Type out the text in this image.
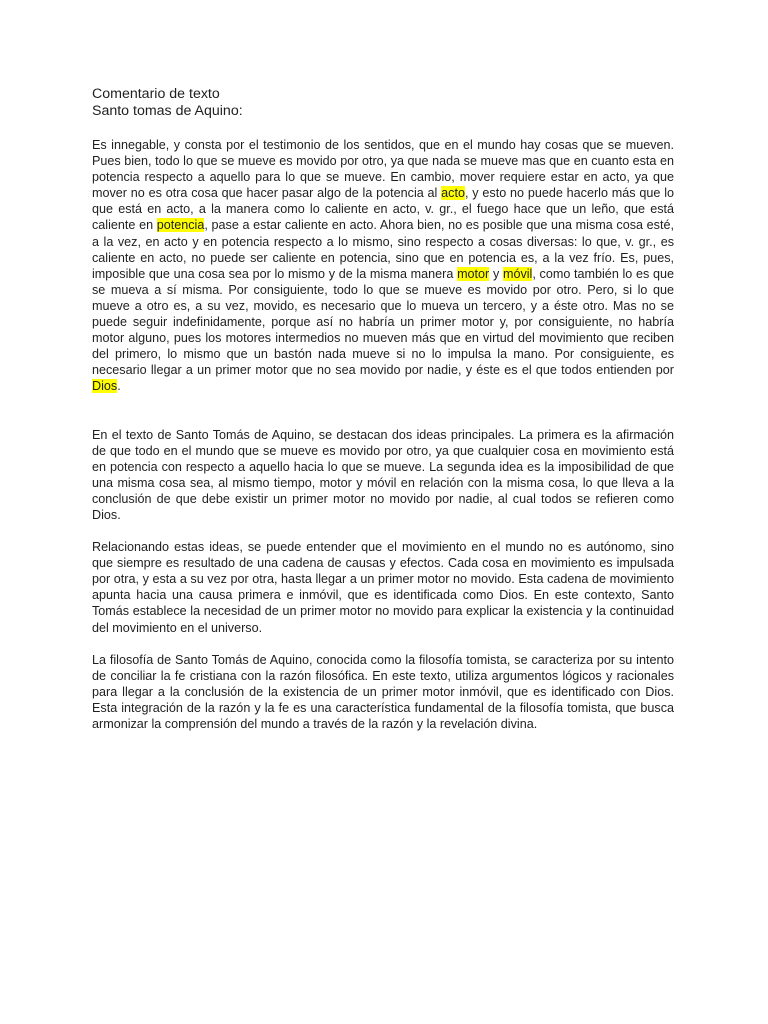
Comentario de texto

Santo tomas de Aquino:

Es innegable, y consta por el testimonio de los sentidos, que en el mundo hay cosas que se mueven. Pues bien, todo lo que se mueve es movido por otro, ya que nada se mueve mas que en cuanto esta en potencia respecto a aquello para lo que se mueve. En cambio, mover requiere estar en acto, ya que mover no es otra cosa que hacer pasar algo de la potencia al acto, y esto no puede hacerlo más que lo que está en acto, a la manera como lo caliente en acto, v. gr., el fuego hace que un leño, que está caliente en potencia, pase a estar caliente en acto. Ahora bien, no es posible que una misma cosa esté, a la vez, en acto y en potencia respecto a lo mismo, sino respecto a cosas diversas: lo que, v. gr., es caliente en acto, no puede ser caliente en potencia, sino que en potencia es, a la vez frío. Es, pues, imposible que una cosa sea por lo mismo y de la misma manera motor y móvil, como también lo es que se mueva a sí misma. Por consiguiente, todo lo que se mueve es movido por otro. Pero, si lo que mueve a otro es, a su vez, movido, es necesario que lo mueva un tercero, y a éste otro. Mas no se puede seguir indefinidamente, porque así no habría un primer motor y, por consiguiente, no habría motor alguno, pues los motores intermedios no mueven más que en virtud del movimiento que reciben del primero, lo mismo que un bastón nada mueve si no lo impulsa la mano. Por consiguiente, es necesario llegar a un primer motor que no sea movido por nadie, y éste es el que todos entienden por Dios.

En el texto de Santo Tomás de Aquino, se destacan dos ideas principales. La primera es la afirmación de que todo en el mundo que se mueve es movido por otro, ya que cualquier cosa en movimiento está en potencia con respecto a aquello hacia lo que se mueve. La segunda idea es la imposibilidad de que una misma cosa sea, al mismo tiempo, motor y móvil en relación con la misma cosa, lo que lleva a la conclusión de que debe existir un primer motor no movido por nadie, al cual todos se refieren como Dios.

Relacionando estas ideas, se puede entender que el movimiento en el mundo no es autónomo, sino que siempre es resultado de una cadena de causas y efectos. Cada cosa en movimiento es impulsada por otra, y esta a su vez por otra, hasta llegar a un primer motor no movido. Esta cadena de movimiento apunta hacia una causa primera e inmóvil, que es identificada como Dios. En este contexto, Santo Tomás establece la necesidad de un primer motor no movido para explicar la existencia y la continuidad del movimiento en el universo.

La filosofía de Santo Tomás de Aquino, conocida como la filosofía tomista, se caracteriza por su intento de conciliar la fe cristiana con la razón filosófica. En este texto, utiliza argumentos lógicos y racionales para llegar a la conclusión de la existencia de un primer motor inmóvil, que es identificado con Dios. Esta integración de la razón y la fe es una característica fundamental de la filosofía tomista, que busca armonizar la comprensión del mundo a través de la razón y la revelación divina.
